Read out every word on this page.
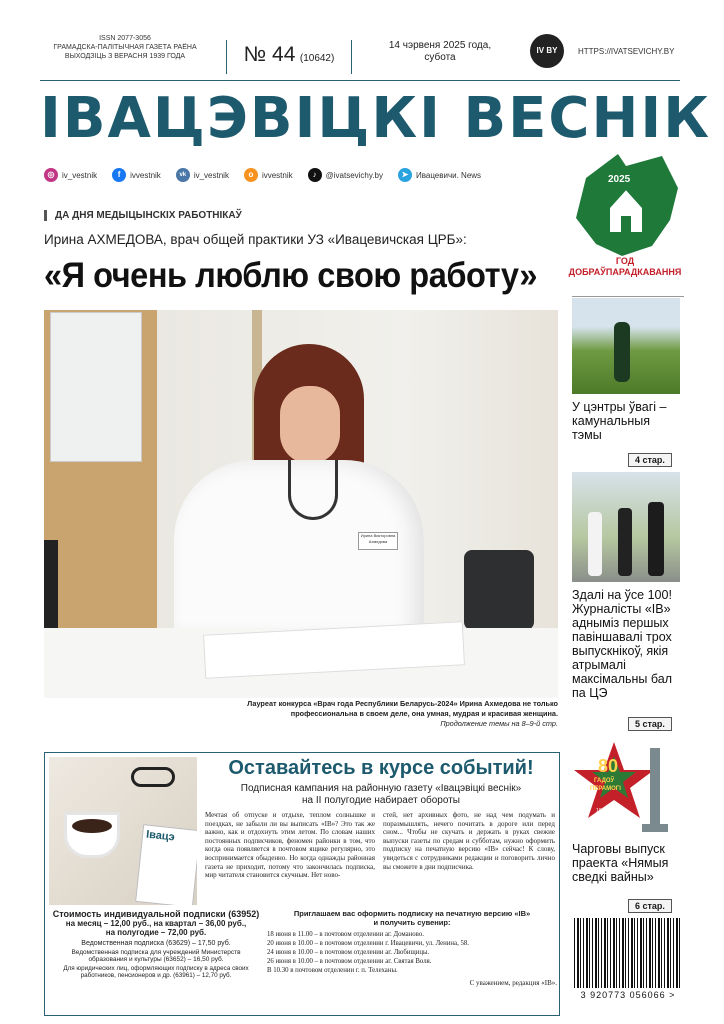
ISSN 2077-3056
ГРАМАДСКА-ПАЛІТЫЧНАЯ ГАЗЕТА РАЁНА
ВЫХОДЗІЦЬ З ВЕРАСНЯ 1939 ГОДА	№ 44 (10642)
14 чэрвеня 2025 года,
субота
IV BY	HTTPS://IVATSEVICHY.BY
ІВАЦЭВІЦКІ ВЕСНІК
◎ iv_vestnik	f	ivvestnik	vk iv_vestnik	о	ivvestnik	♪	@ivatsevichy.by	➤ Ивацевичи. News	2025
ГОД
ДОБРАЎПАРАДКАВАННЯ
ДА ДНЯ МЕДЫЦЫНСКІХ РАБОТНІКАЎ
Ирина АХМЕДОВА, врач общей практики УЗ «Ивацевичская ЦРБ»:
«Я очень люблю свою работу»
Ирина Викторовна
Ахмедова
Лауреат конкурса «Врач года Республики Беларусь-2024» Ирина Ахмедова не только
профессиональна в своем деле, она умная, мудрая и красивая женщина.
Продолжение темы на 8–9-й стр.
У цэнтры ўвагі – камунальныя тэмы
4 стар.
Здалі на ўсе 100! Журналісты «ІВ» адныміз першых павіншавалі трох выпускнікоў, якія атрымалі максімальны бал па ЦЭ
5 стар.
80
ГАДОЎ
ПЕРАМОГІ
1945–2025
Чарговы выпуск праекта «Нямыя сведкі вайны»
6 стар.
3 920773 056066 >
Івацэ
Оставайтесь в курсе событий!
Подписная кампания на районную газету «Івацэвіцкі веснік»
на II полугодие набирает обороты
Мечтая об отпуске и отдыхе, теплом солнышке и поездках, не забыли ли вы выписать «ІВ»? Это так же важно, как и отдохнуть этим летом. По словам наших постоянных подписчиков, феномен районки в том, что когда она появляется в почтовом ящике регулярно, это воспринимается обыденно. Но когда однажды районная газета не приходит, потому что закончилась подписка, мир читателя становится скучным. Нет ново-
стей, нет архивных фото, не над чем подумать и поразмышлять, нечего почитать в дороге или перед сном... Чтобы не скучать и держать в руках свежие выпуски газеты по средам и субботам, нужно оформить подписку на печатную версию «ІВ» сейчас! К слову, увидеться с сотрудниками редакции и поговорить лично вы сможете в дни подписчика.
Стоимость индивидуальной подписки (63952)
на месяц – 12,00 руб., на квартал – 36,00 руб.,
на полугодие – 72,00 руб.
Ведомственная подписка (63629) – 17,50 руб.
Ведомственная подписка для учреждений Министерств
образования и культуры (63652) – 16,50 руб.
Для юридических лиц, оформляющих подписку в адреса своих
работников, пенсионеров и др. (63961) – 12,70 руб.
Приглашаем вас оформить подписку на печатную версию «ІВ»
и получить сувенир:
18 июня в 11.00 – в почтовом отделении аг. Доманово.
20 июня в 10.00 – в почтовом отделении г. Ивацевичи, ул. Ленина, 58.
24 июня в 10.00 – в почтовом отделении аг. Любищицы.
26 июня в 10.00 – в почтовом отделении аг. Святая Воля.
В 10.30 в почтовом отделении г. п. Телеханы.
С уважением, редакция «ІВ».
